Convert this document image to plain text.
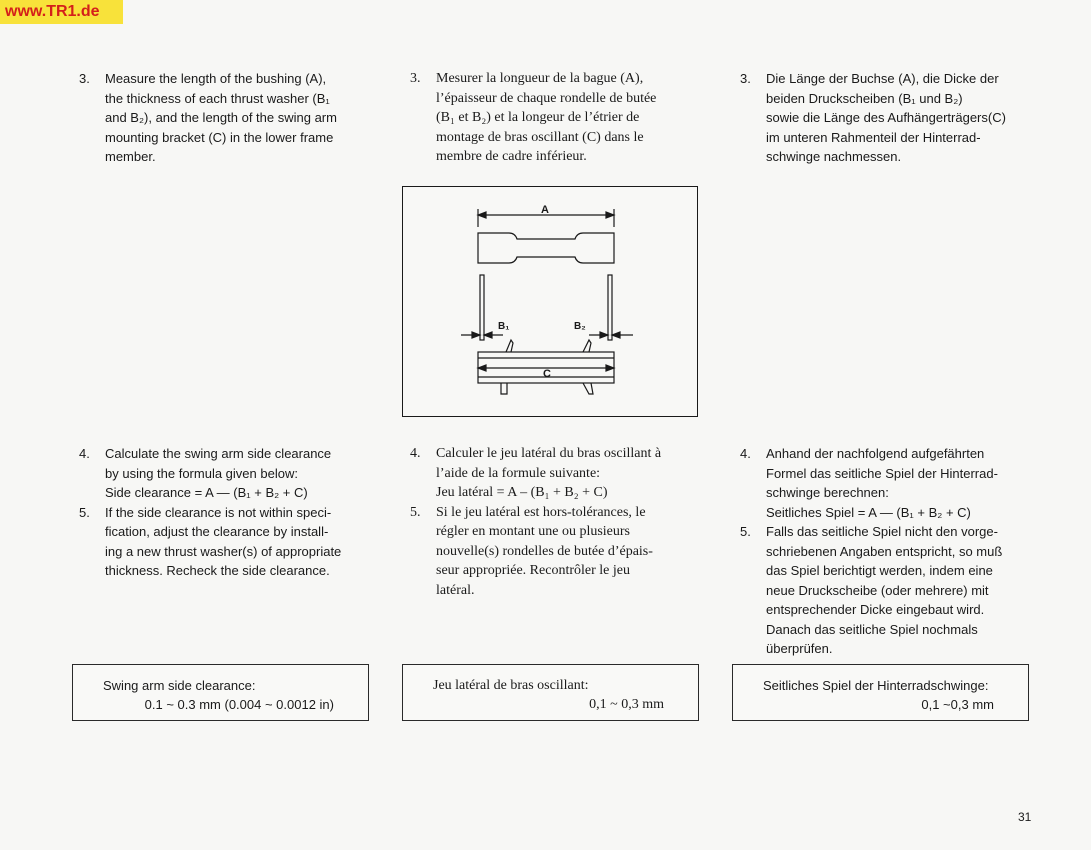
www.TR1.de
3. Measure the length of the bushing (A),
the thickness of each thrust washer (B₁
and B₂), and the length of the swing arm
mounting bracket (C) in the lower frame
member.
4. Calculate the swing arm side clearance
by using the formula given below:
Side clearance = A — (B₁ + B₂ + C)
5. If the side clearance is not within speci-
fication, adjust the clearance by install-
ing a new thrust washer(s) of appropriate
thickness. Recheck the side clearance.
Swing arm side clearance:
0.1 ~ 0.3 mm (0.004 ~ 0.0012 in)
3. Mesurer la longueur de la bague (A),
l’épaisseur de chaque rondelle de butée
(B₁ et B₂) et la longeur de l’étrier de
montage de bras oscillant (C) dans le
membre de cadre inférieur.
4. Calculer le jeu latéral du bras oscillant à
l’aide de la formule suivante:
Jeu latéral = A – (B₁ + B₂ + C)
5. Si le jeu latéral est hors-tolérances, le
régler en montant une ou plusieurs
nouvelle(s) rondelles de butée d’épais-
seur appropriée. Recontrôler le jeu
latéral.
Jeu latéral de bras oscillant:
0,1 ~ 0,3 mm
3. Die Länge der Buchse (A), die Dicke der
beiden Druckscheiben (B₁ und B₂)
sowie die Länge des Aufhängerträgers(C)
im unteren Rahmenteil der Hinterrad-
schwinge nachmessen.
4. Anhand der nachfolgend aufgefährten
Formel das seitliche Spiel der Hinterrad-
schwinge berechnen:
Seitliches Spiel = A — (B₁ + B₂ + C)
5. Falls das seitliche Spiel nicht den vorge-
schriebenen Angaben entspricht, so muß
das Spiel berichtigt werden, indem eine
neue Druckscheibe (oder mehrere) mit
entsprechender Dicke eingebaut wird.
Danach das seitliche Spiel nochmals
überprüfen.
Seitliches Spiel der Hinterradschwinge:
0,1 ~0,3 mm
A
B₁	B₂
C
31
